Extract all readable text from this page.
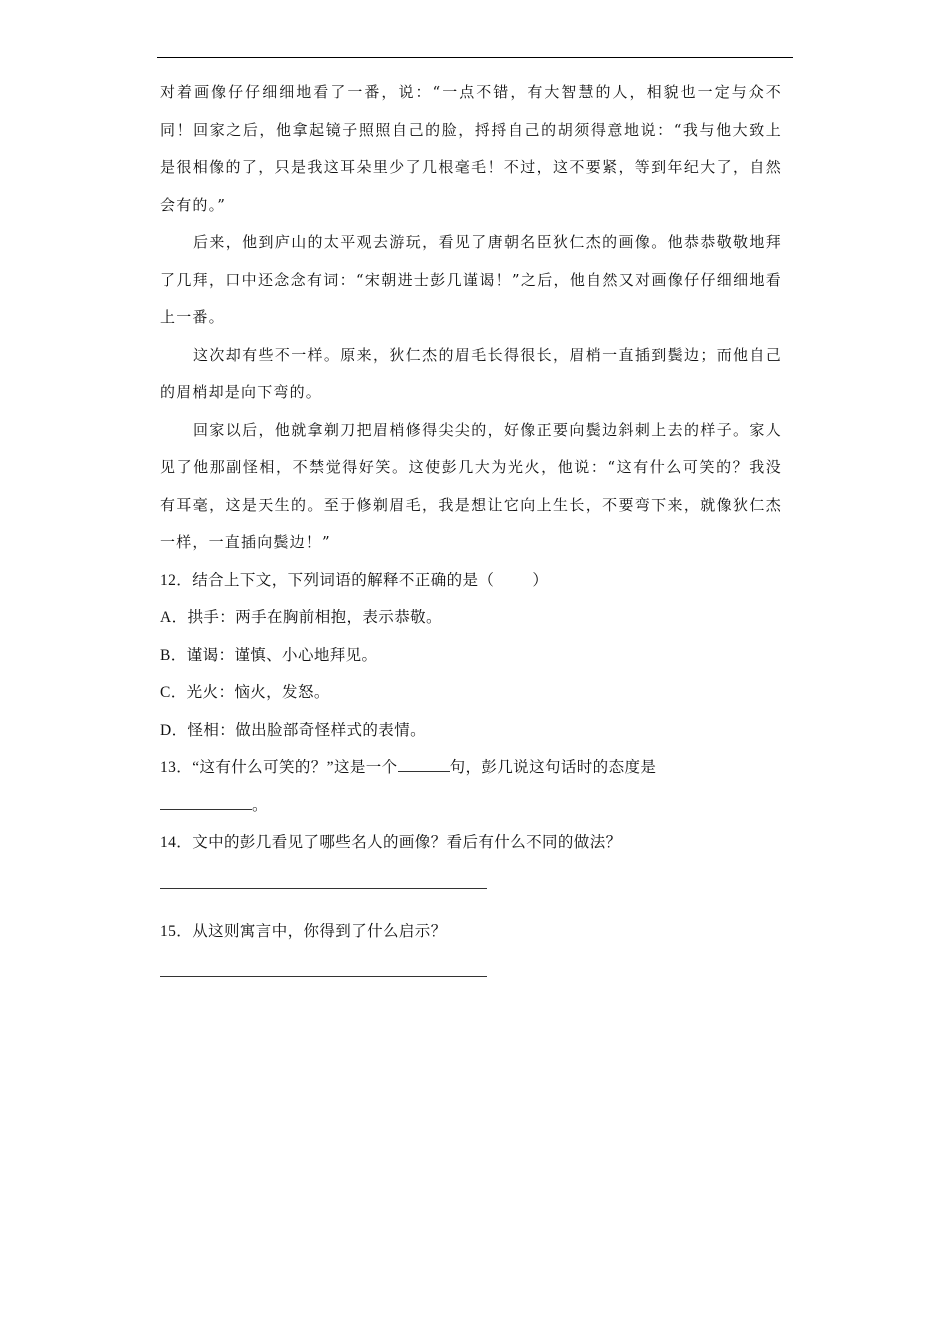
对着画像仔仔细细地看了一番，说：“一点不错，有大智慧的人，相貌也一定与众不同！回家之后，他拿起镜子照照自己的脸，捋捋自己的胡须得意地说：“我与他大致上是很相像的了，只是我这耳朵里少了几根毫毛！不过，这不要紧，等到年纪大了，自然会有的。”

后来，他到庐山的太平观去游玩，看见了唐朝名臣狄仁杰的画像。他恭恭敬敬地拜了几拜，口中还念念有词：“宋朝进士彭几谨谒！”之后，他自然又对画像仔仔细细地看上一番。

这次却有些不一样。原来，狄仁杰的眉毛长得很长，眉梢一直插到鬓边；而他自己的眉梢却是向下弯的。

回家以后，他就拿剃刀把眉梢修得尖尖的，好像正要向鬓边斜刺上去的样子。家人见了他那副怪相，不禁觉得好笑。这使彭几大为光火，他说：“这有什么可笑的？我没有耳毫，这是天生的。至于修剃眉毛，我是想让它向上生长，不要弯下来，就像狄仁杰一样，一直插向鬓边！”

12．结合上下文，下列词语的解释不正确的是（ ）

A．拱手：两手在胸前相抱，表示恭敬。

B．谨谒：谨慎、小心地拜见。

C．光火：恼火，发怒。

D．怪相：做出脸部奇怪样式的表情。

13．“这有什么可笑的？”这是一个	句，彭几说这句话时的态度是

。

14．文中的彭几看见了哪些名人的画像？看后有什么不同的做法？

15．从这则寓言中，你得到了什么启示？
